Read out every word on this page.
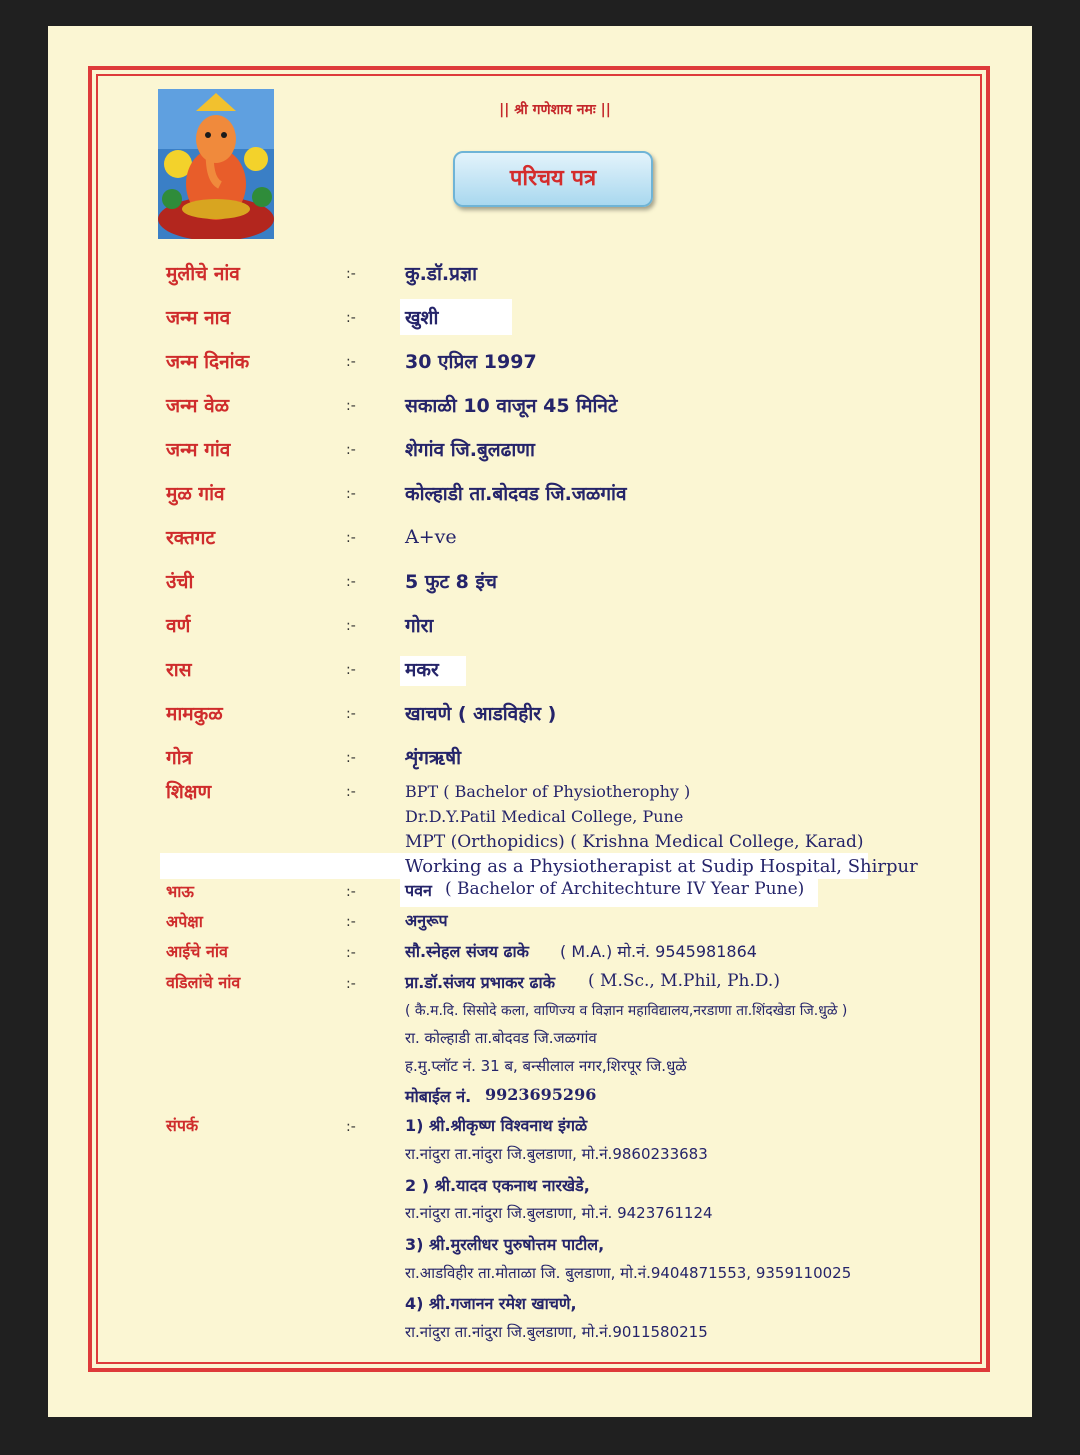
|| श्री गणेशाय नमः ||
परिचय पत्र
मुलीचे नांव	:-	कु.डॉ.प्रज्ञा
जन्म नाव	:-	खुशी
जन्म दिनांक	:-	30 एप्रिल 1997
जन्म वेळ	:-	सकाळी 10 वाजून 45 मिनिटे
जन्म गांव	:-	शेगांव जि.बुलढाणा
मुळ गांव	:-	कोल्हाडी ता.बोदवड जि.जळगांव
रक्तगट	:-	A+ve
उंची	:-	5 फुट 8 इंच
वर्ण	:-	गोरा
रास	:-	मकर
मामकुळ	:-	खाचणे ( आडविहीर )
गोत्र	:-	शृंगऋषी
शिक्षण	:-	BPT ( Bachelor of Physiotherophy )
Dr.D.Y.Patil Medical College, Pune
MPT (Orthopidics) ( Krishna Medical College, Karad)
Working as a Physiotherapist at Sudip Hospital, Shirpur
भाऊ	:-	पवन ( Bachelor of Architechture IV Year Pune)
अपेक्षा	:-	अनुरूप
आईचे नांव	:-	सौ.स्नेहल संजय ढाके ( M.A.) मो.नं. 9545981864
वडिलांचे नांव	:-	प्रा.डॉ.संजय प्रभाकर ढाके ( M.Sc., M.Phil, Ph.D.)
( कै.म.दि. सिसोदे कला, वाणिज्य व विज्ञान महाविद्यालय,नरडाणा ता.शिंदखेडा जि.धुळे )
रा. कोल्हाडी ता.बोदवड जि.जळगांव
ह.मु.प्लॉट नं. 31 ब, बन्सीलाल नगर,शिरपूर जि.धुळे
मोबाईल नं. 9923695296
संपर्क	:-	1) श्री.श्रीकृष्ण विश्वनाथ इंगळे
रा.नांदुरा ता.नांदुरा जि.बुलडाणा, मो.नं.9860233683
2 ) श्री.यादव एकनाथ नारखेडे,
रा.नांदुरा ता.नांदुरा जि.बुलडाणा, मो.नं. 9423761124
3) श्री.मुरलीधर पुरुषोत्तम पाटील,
रा.आडविहीर ता.मोताळा जि. बुलडाणा, मो.नं.9404871553, 9359110025
4) श्री.गजानन रमेश खाचणे,
रा.नांदुरा ता.नांदुरा जि.बुलडाणा, मो.नं.9011580215
